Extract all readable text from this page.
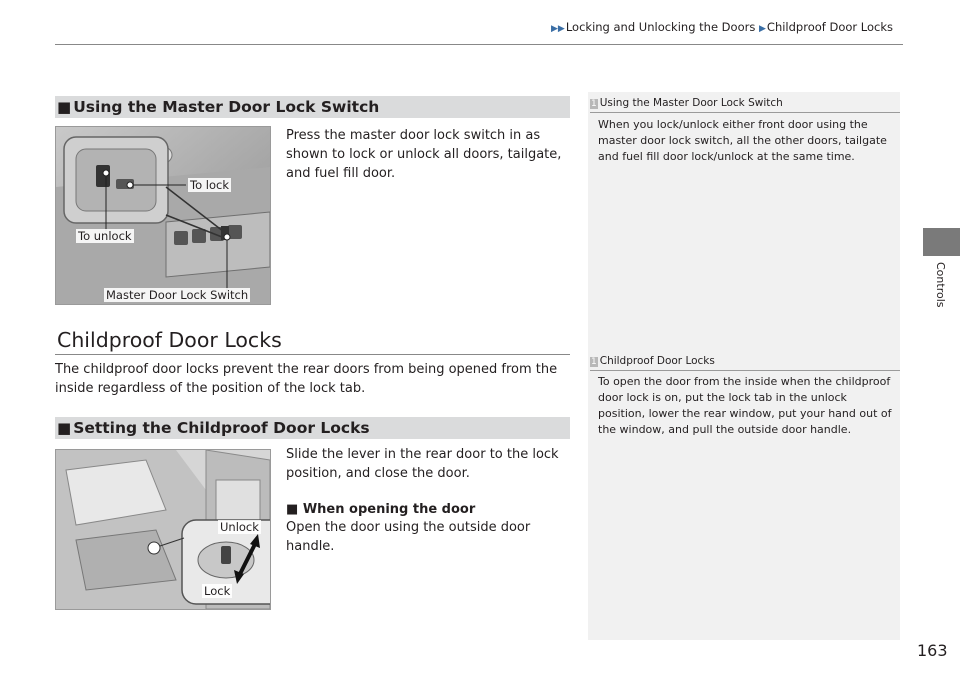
▶▶Locking and Unlocking the Doors ▶Childproof Door Locks
Controls
■ Using the Master Door Lock Switch
To lock
To unlock
Master Door Lock Switch
Press the master door lock switch in as shown to lock or unlock all doors, tailgate, and fuel fill door.
Childproof Door Locks
The childproof door locks prevent the rear doors from being opened from the inside regardless of the position of the lock tab.
■ Setting the Childproof Door Locks
Unlock
Lock
Slide the lever in the rear door to the lock position, and close the door.
■ When opening the door
Open the door using the outside door handle.
1 Using the Master Door Lock Switch
When you lock/unlock either front door using the master door lock switch, all the other doors, tailgate and fuel fill door lock/unlock at the same time.
1 Childproof Door Locks
To open the door from the inside when the childproof door lock is on, put the lock tab in the unlock position, lower the rear window, put your hand out of the window, and pull the outside door handle.
163
